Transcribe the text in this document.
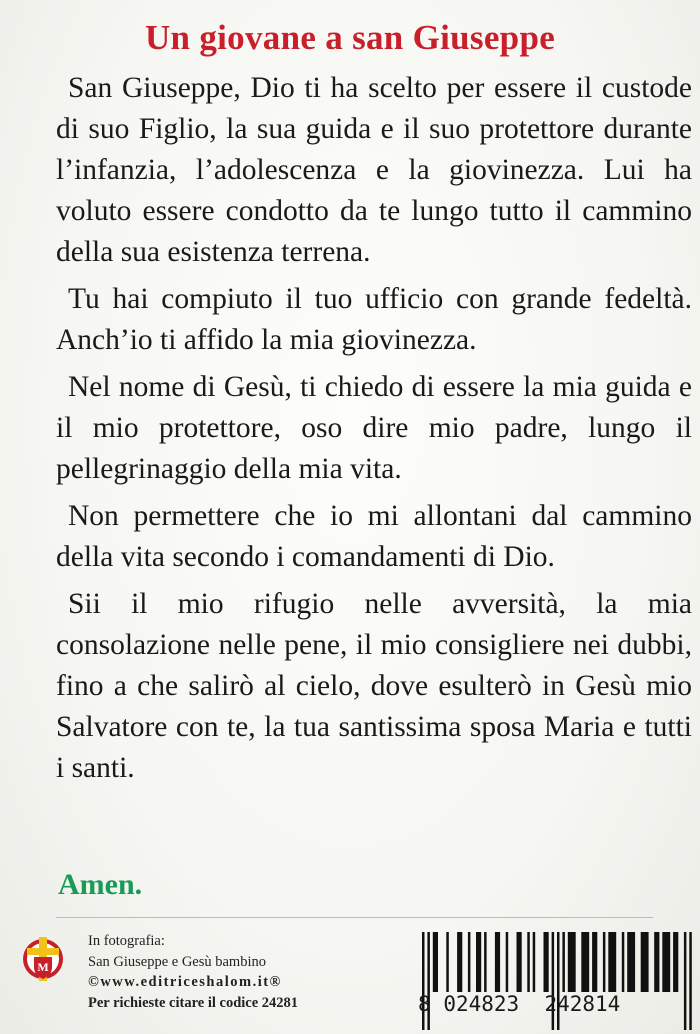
Un giovane a san Giuseppe

San Giuseppe, Dio ti ha scelto per essere il custode di suo Figlio, la sua guida e il suo protettore durante l’infanzia, l’adolescenza e la giovinezza. Lui ha voluto essere condotto da te lungo tutto il cammino della sua esistenza terrena.

Tu hai compiuto il tuo ufficio con grande fedeltà. Anch’io ti affido la mia giovinezza.

Nel nome di Gesù, ti chiedo di essere la mia guida e il mio protettore, oso dire mio padre, lungo il pellegrinaggio della mia vita.

Non permettere che io mi allontani dal cammino della vita secondo i comandamenti di Dio.

Sii il mio rifugio nelle avversità, la mia consolazione nelle pene, il mio consigliere nei dubbi, fino a che salirò al cielo, dove esulterò in Gesù mio Salvatore con te, la tua santissima sposa Maria e tutti i santi.

Amen.
M
In fotografia:
San Giuseppe e Gesù bambino
©www.editriceshalom.it®
Per richieste citare il codice 24281	8 024823 242814
